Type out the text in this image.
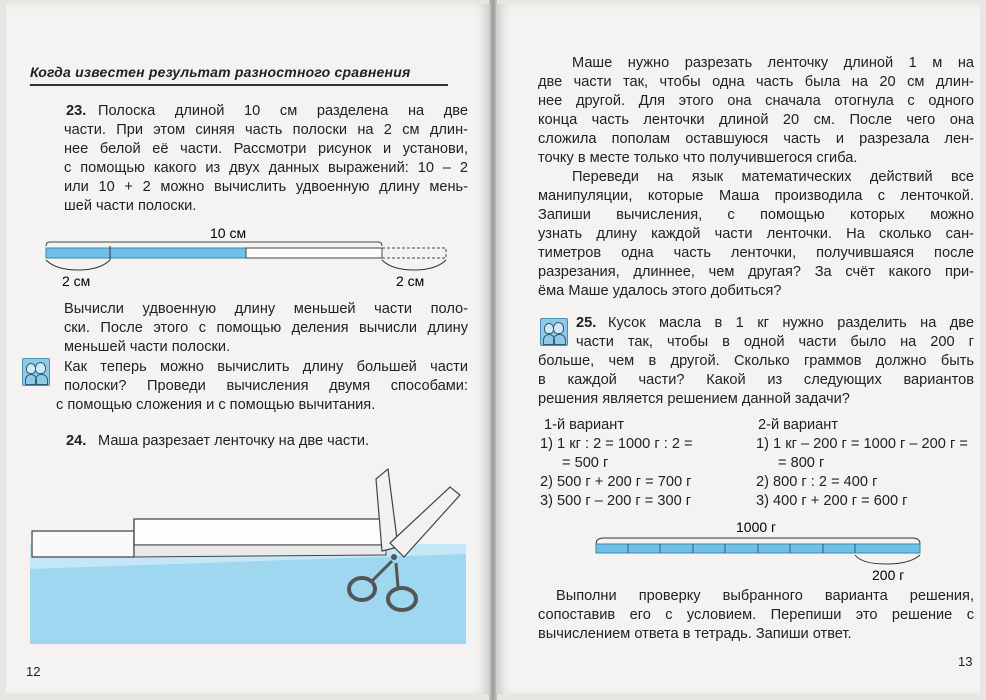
Когда известен результат разностного сравнения
23. Полоска длиной 10 см разделена на две
части. При этом синяя часть полоски на 2 см длин-
нее белой её части. Рассмотри рисунок и установи,
с помощью какого из двух данных выражений: 10 – 2
или 10 + 2 можно вычислить удвоенную длину мень-
шей части полоски.
10 см
2 см	2 см
Вычисли удвоенную длину меньшей части поло-
ски. После этого с помощью деления вычисли длину
меньшей части полоски.
Как теперь можно вычислить длину большей части
полоски? Проведи вычисления двумя способами:
с помощью сложения и с помощью вычитания.
24. Маша разрезает ленточку на две части.
12
Маше нужно разрезать ленточку длиной 1 м на
две части так, чтобы одна часть была на 20 см длин-
нее другой. Для этого она сначала отогнула с одного
конца часть ленточки длиной 20 см. После чего она
сложила пополам оставшуюся часть и разрезала лен-
точку в месте только что получившегося сгиба.
Переведи на язык математических действий все
манипуляции, которые Маша производила с ленточкой.
Запиши вычисления, с помощью которых можно
узнать длину каждой части ленточки. На сколько сан-
тиметров одна часть ленточки, получившаяся после
разрезания, длиннее, чем другая? За счёт какого при-
ёма Маше удалось этого добиться?
25. Кусок масла в 1 кг нужно разделить на две
части так, чтобы в одной части было на 200 г
больше, чем в другой. Сколько граммов должно быть
в каждой части? Какой из следующих вариантов
решения является решением данной задачи?
1-й вариант	2-й вариант
1) 1 кг : 2 = 1000 г : 2 =	1) 1 кг – 200 г = 1000 г – 200 г =
= 500 г	= 800 г
2) 500 г + 200 г = 700 г	2) 800 г : 2 = 400 г
3) 500 г – 200 г = 300 г	3) 400 г + 200 г = 600 г
1000 г
200 г
Выполни проверку выбранного варианта решения,
сопоставив его с условием. Перепиши это решение с
вычислением ответа в тетрадь. Запиши ответ.
13
